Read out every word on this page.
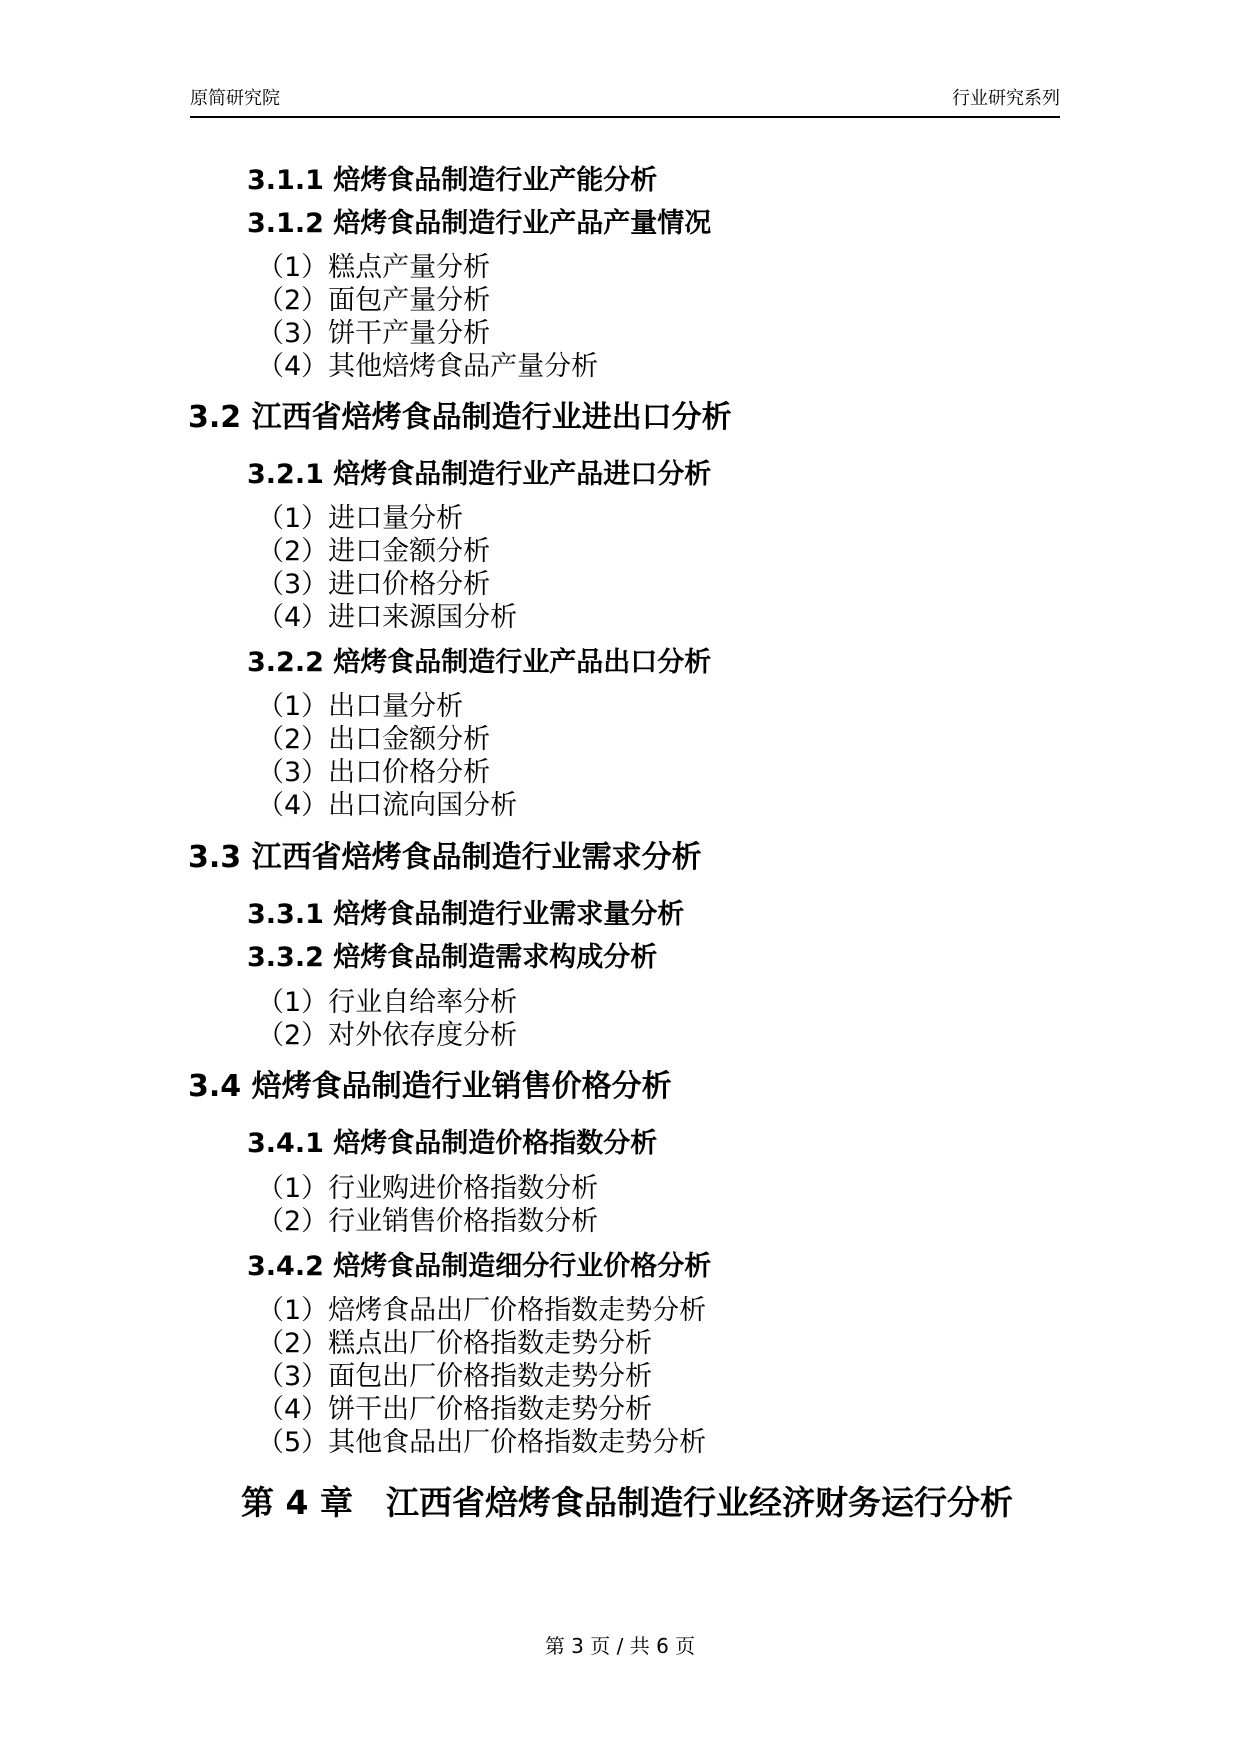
原简研究院	行业研究系列
3.1.1 焙烤食品制造行业产能分析
3.1.2 焙烤食品制造行业产品产量情况
（1）糕点产量分析
（2）面包产量分析
（3）饼干产量分析
（4）其他焙烤食品产量分析
3.2 江西省焙烤食品制造行业进出口分析
3.2.1 焙烤食品制造行业产品进口分析
（1）进口量分析
（2）进口金额分析
（3）进口价格分析
（4）进口来源国分析
3.2.2 焙烤食品制造行业产品出口分析
（1）出口量分析
（2）出口金额分析
（3）出口价格分析
（4）出口流向国分析
3.3 江西省焙烤食品制造行业需求分析
3.3.1 焙烤食品制造行业需求量分析
3.3.2 焙烤食品制造需求构成分析
（1）行业自给率分析
（2）对外依存度分析
3.4 焙烤食品制造行业销售价格分析
3.4.1 焙烤食品制造价格指数分析
（1）行业购进价格指数分析
（2）行业销售价格指数分析
3.4.2 焙烤食品制造细分行业价格分析
（1）焙烤食品出厂价格指数走势分析
（2）糕点出厂价格指数走势分析
（3）面包出厂价格指数走势分析
（4）饼干出厂价格指数走势分析
（5）其他食品出厂价格指数走势分析
第 4 章　江西省焙烤食品制造行业经济财务运行分析
第 3 页 / 共 6 页
